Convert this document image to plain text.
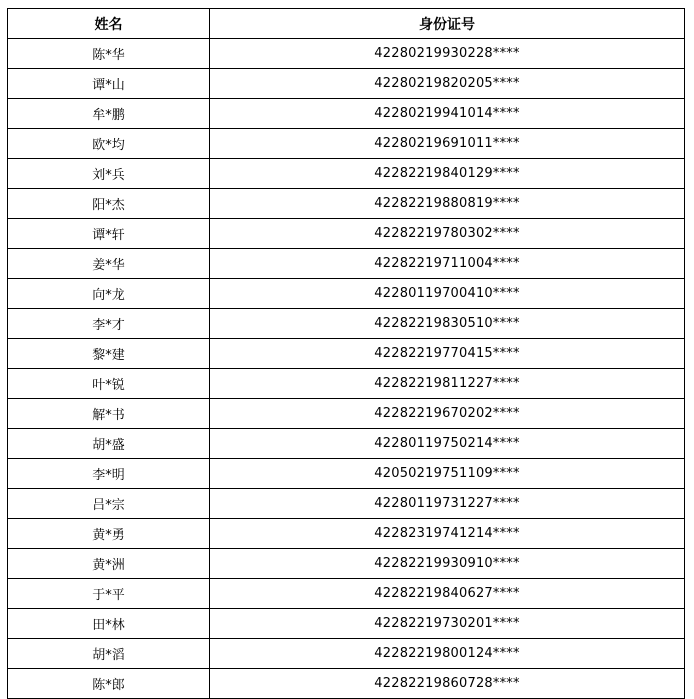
姓名	身份证号
陈*华	42280219930228****
谭*山	42280219820205****
牟*鹏	42280219941014****
欧*均	42280219691011****
刘*兵	42282219840129****
阳*杰	42282219880819****
谭*轩	42282219780302****
姜*华	42282219711004****
向*龙	42280119700410****
李*才	42282219830510****
黎*建	42282219770415****
叶*锐	42282219811227****
解*书	42282219670202****
胡*盛	42280119750214****
李*明	42050219751109****
吕*宗	42280119731227****
黄*勇	42282319741214****
黄*洲	42282219930910****
于*平	42282219840627****
田*林	42282219730201****
胡*滔	42282219800124****
陈*郎	42282219860728****
